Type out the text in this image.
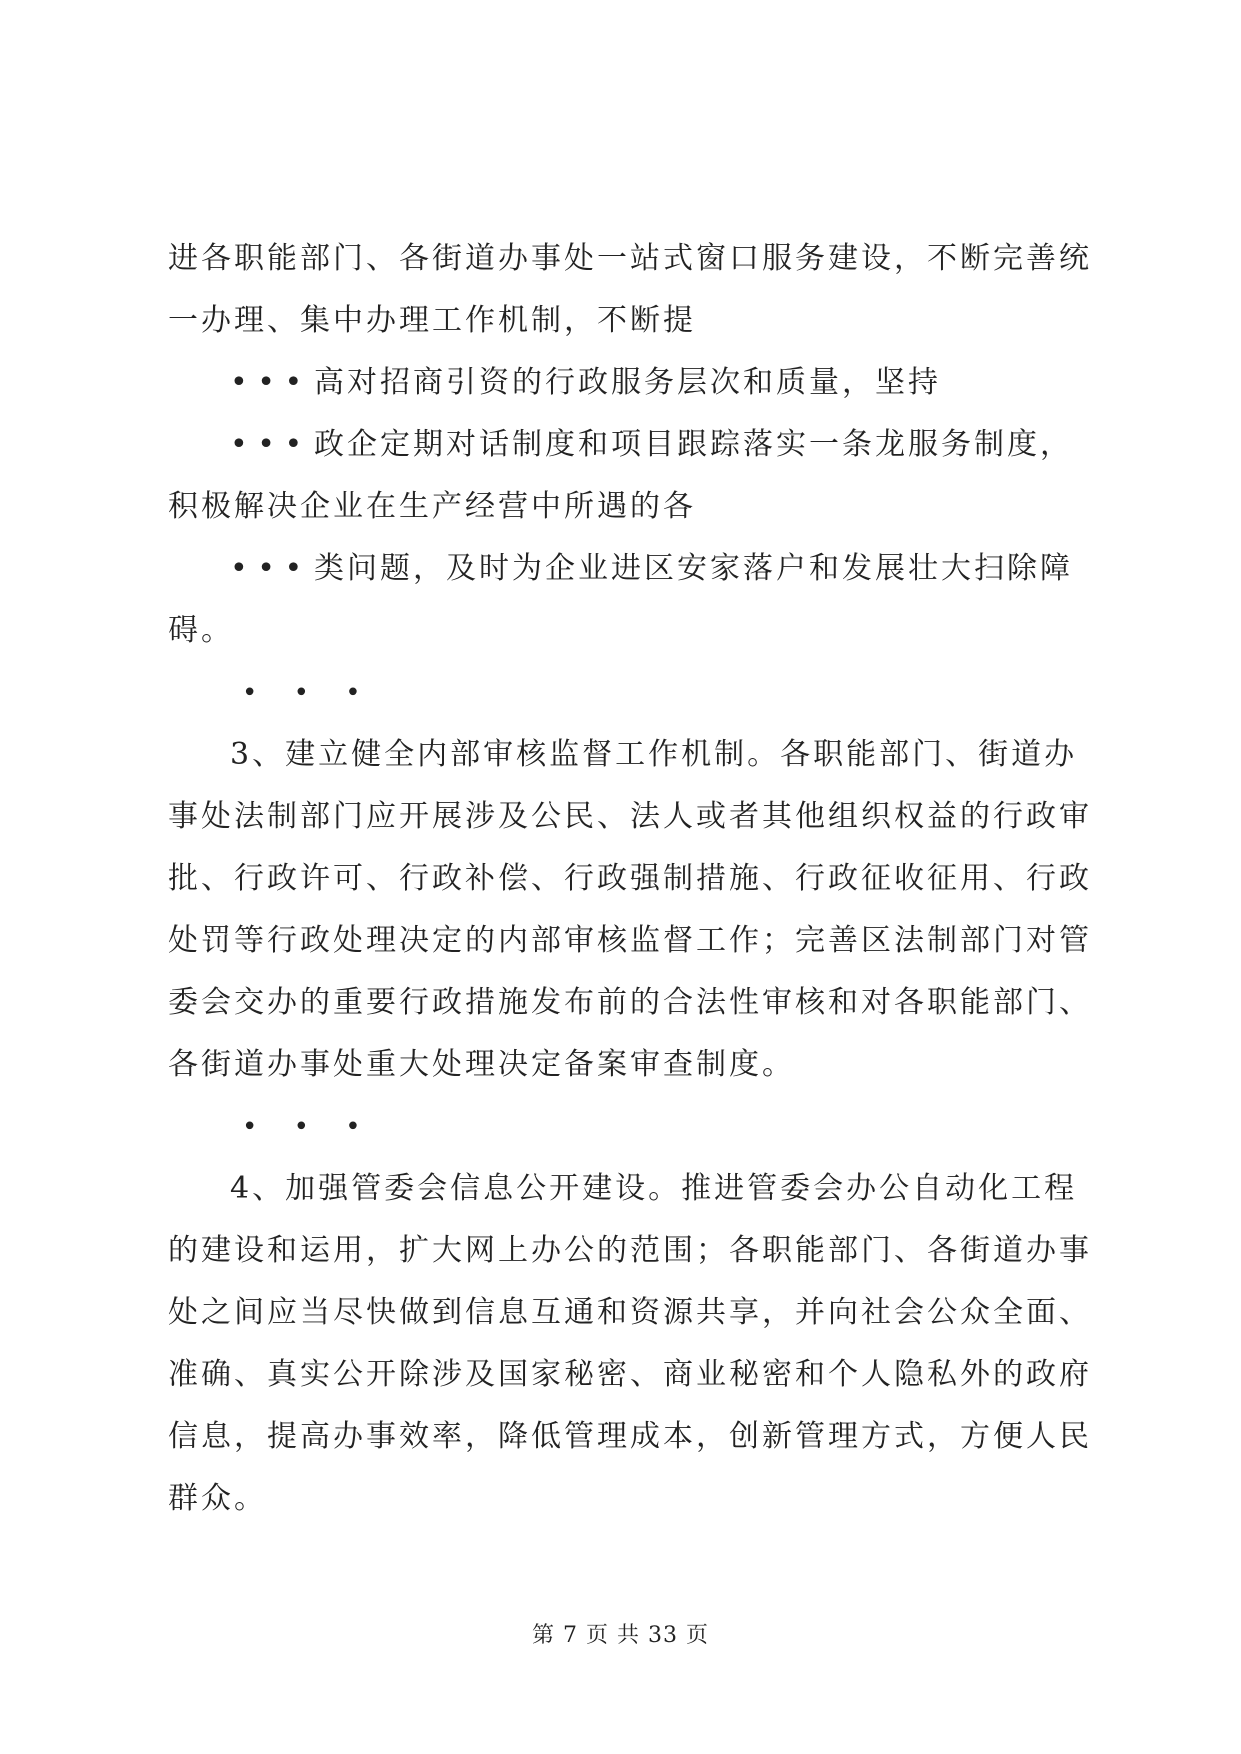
进各职能部门、各街道办事处一站式窗口服务建设，不断完善统
一办理、集中办理工作机制，不断提
• • • 高对招商引资的行政服务层次和质量，坚持
• • • 政企定期对话制度和项目跟踪落实一条龙服务制度，
积极解决企业在生产经营中所遇的各
• • • 类问题，及时为企业进区安家落户和发展壮大扫除障
碍。
• • •
3、建立健全内部审核监督工作机制。各职能部门、街道办
事处法制部门应开展涉及公民、法人或者其他组织权益的行政审
批、行政许可、行政补偿、行政强制措施、行政征收征用、行政
处罚等行政处理决定的内部审核监督工作；完善区法制部门对管
委会交办的重要行政措施发布前的合法性审核和对各职能部门、
各街道办事处重大处理决定备案审查制度。
• • •
4、加强管委会信息公开建设。推进管委会办公自动化工程
的建设和运用，扩大网上办公的范围；各职能部门、各街道办事
处之间应当尽快做到信息互通和资源共享，并向社会公众全面、
准确、真实公开除涉及国家秘密、商业秘密和个人隐私外的政府
信息，提高办事效率，降低管理成本，创新管理方式，方便人民
群众。
第 7 页 共 33 页
